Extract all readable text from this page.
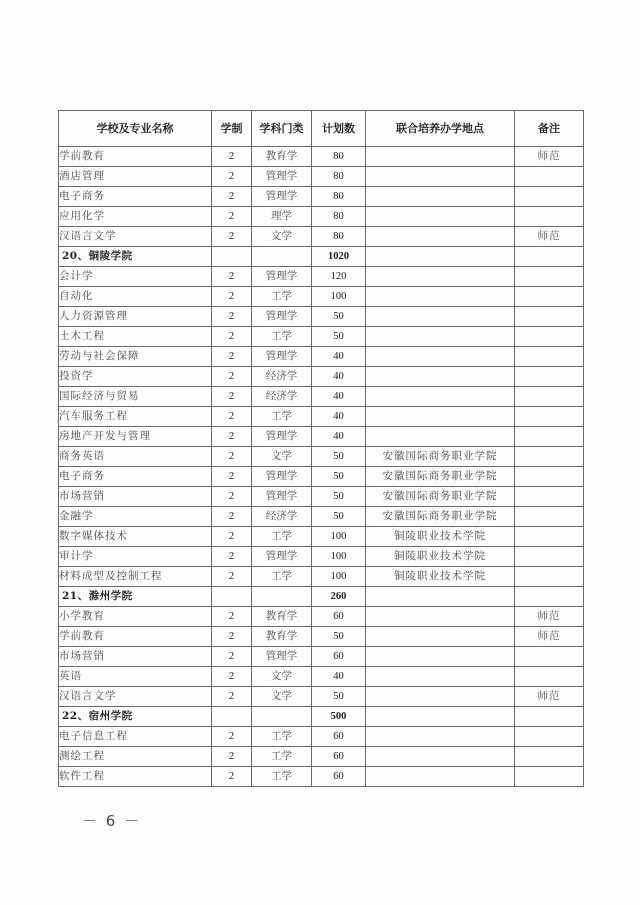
学校及专业名称	学制	学科门类	计划数	联合培养办学地点	备注
学前教育	2	教育学	80		师范
酒店管理	2	管理学	80		
电子商务	2	管理学	80		
应用化学	2	理学	80		
汉语言文学	2	文学	80		师范
20、铜陵学院			1020		
会计学	2	管理学	120		
自动化	2	工学	100		
人力资源管理	2	管理学	50		
土木工程	2	工学	50		
劳动与社会保障	2	管理学	40		
投资学	2	经济学	40		
国际经济与贸易	2	经济学	40		
汽车服务工程	2	工学	40		
房地产开发与管理	2	管理学	40		
商务英语	2	文学	50	安徽国际商务职业学院	
电子商务	2	管理学	50	安徽国际商务职业学院	
市场营销	2	管理学	50	安徽国际商务职业学院	
金融学	2	经济学	50	安徽国际商务职业学院	
数字媒体技术	2	工学	100	铜陵职业技术学院	
审计学	2	管理学	100	铜陵职业技术学院	
材料成型及控制工程	2	工学	100	铜陵职业技术学院	
21、滁州学院			260		
小学教育	2	教育学	60		师范
学前教育	2	教育学	50		师范
市场营销	2	管理学	60		
英语	2	文学	40		
汉语言文学	2	文学	50		师范
22、宿州学院			500		
电子信息工程	2	工学	60		
测绘工程	2	工学	60		
软件工程	2	工学	60		
－ 6 －
